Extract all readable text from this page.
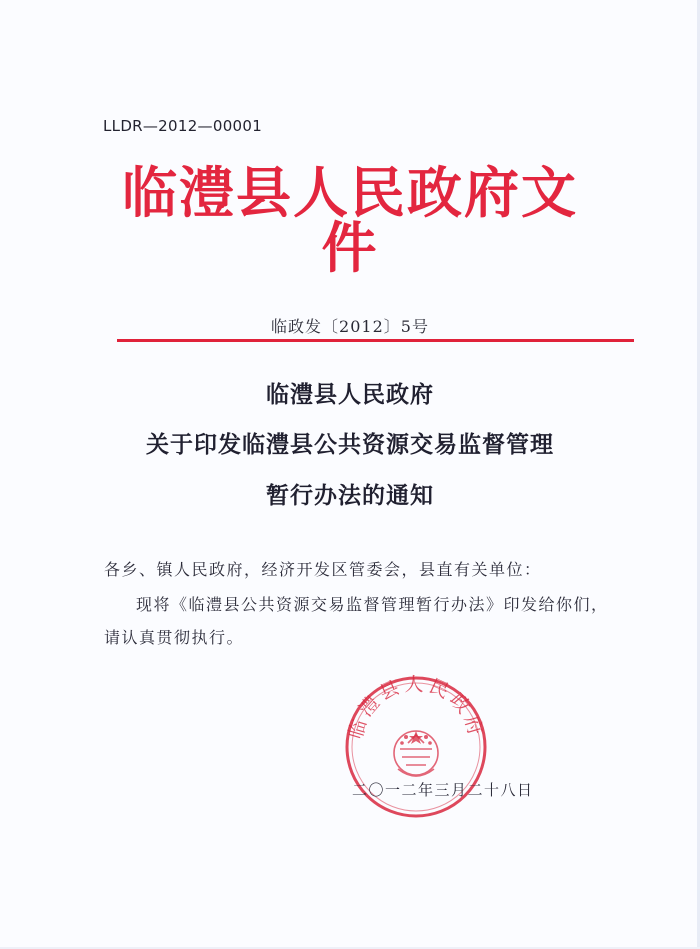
LLDR—2012—00001
临澧县人民政府文件
临政发〔2012〕5号
临澧县人民政府
关于印发临澧县公共资源交易监督管理
暂行办法的通知
各乡、镇人民政府，经济开发区管委会，县直有关单位：
现将《临澧县公共资源交易监督管理暂行办法》印发给你们，
请认真贯彻执行。
临澧县人民政府
二〇一二年三月二十八日
